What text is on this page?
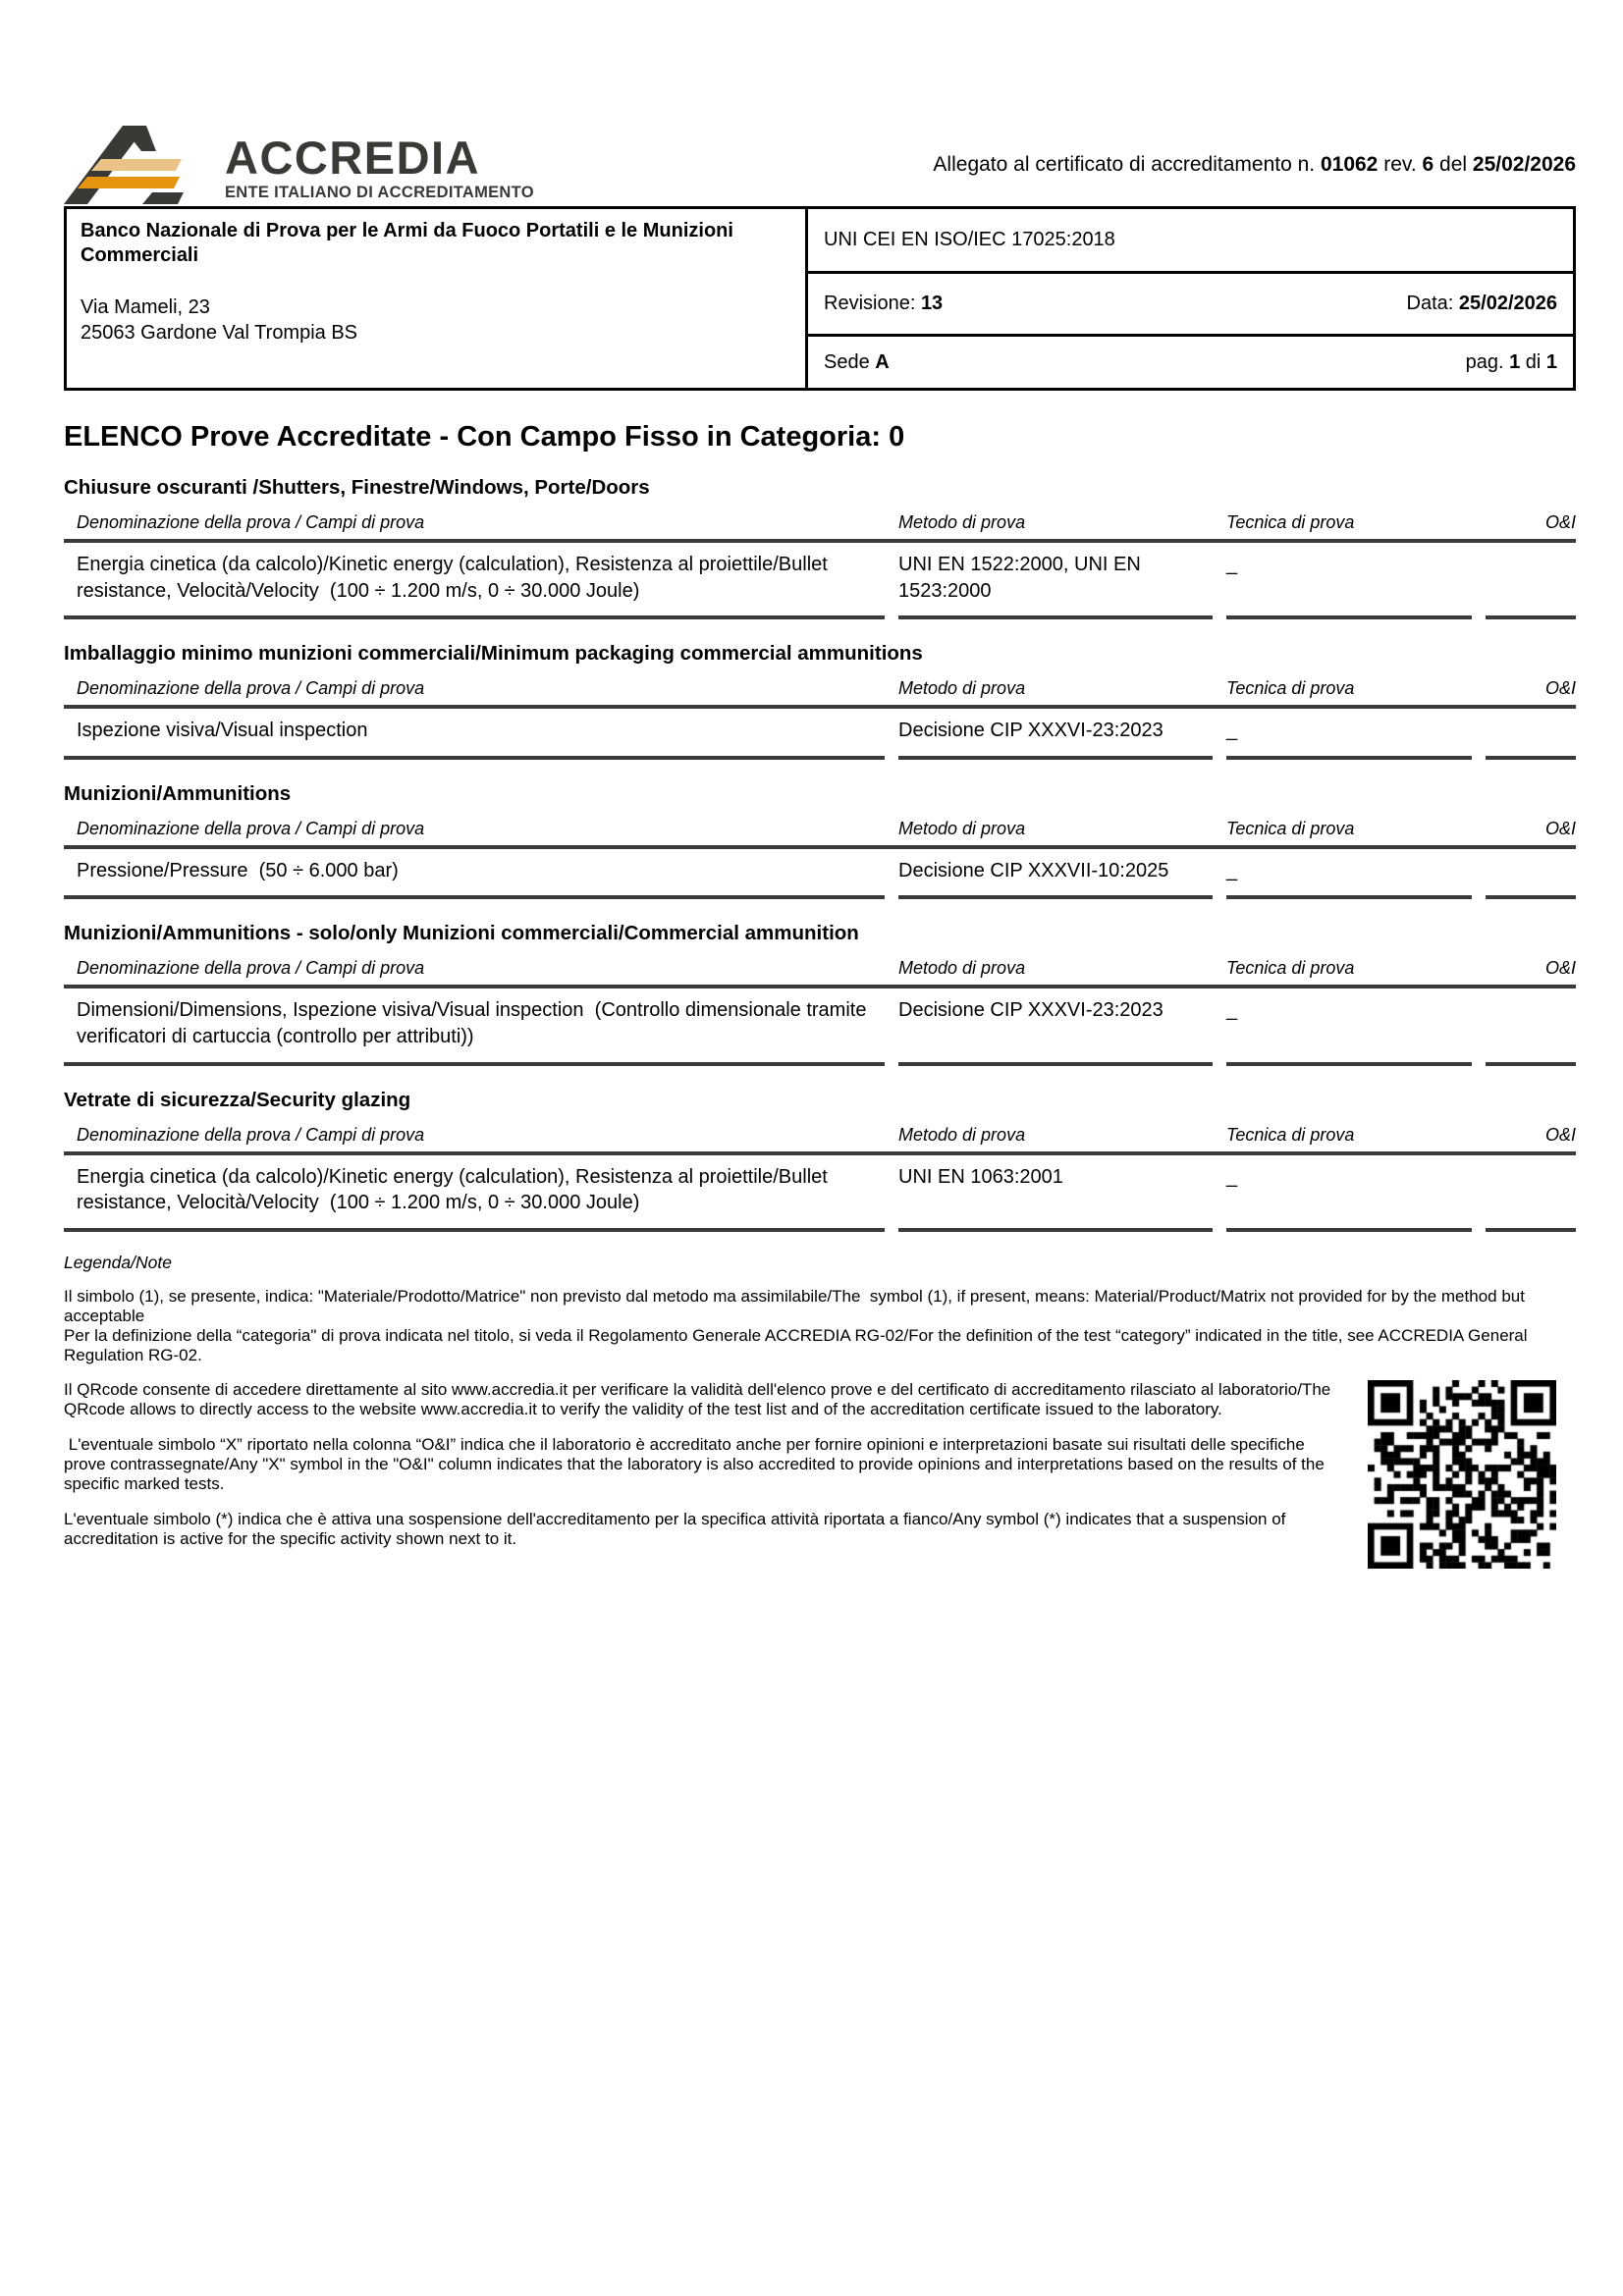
ACCREDIA
ENTE ITALIANO DI ACCREDITAMENTO
Allegato al certificato di accreditamento n. 01062 rev. 6 del 25/02/2026
Banco Nazionale di Prova per le Armi da Fuoco Portatili e le Munizioni Commerciali
Via Mameli, 23
25063 Gardone Val Trompia BS
UNI CEI EN ISO/IEC 17025:2018
Revisione: 13	Data: 25/02/2026
Sede A	pag. 1 di 1
ELENCO Prove Accreditate - Con Campo Fisso in Categoria: 0
Chiusure oscuranti /Shutters, Finestre/Windows, Porte/Doors
Denominazione della prova / Campi di prova	Metodo di prova	Tecnica di prova	O&I
Energia cinetica (da calcolo)/Kinetic energy (calculation), Resistenza al proiettile/Bullet resistance, Velocità/Velocity  (100 ÷ 1.200 m/s, 0 ÷ 30.000 Joule)
UNI EN 1522:2000, UNI EN 1523:2000
_
Imballaggio minimo munizioni commerciali/Minimum packaging commercial ammunitions
Denominazione della prova / Campi di prova	Metodo di prova	Tecnica di prova	O&I
Ispezione visiva/Visual inspection	Decisione CIP XXXVI-23:2023	_
Munizioni/Ammunitions
Denominazione della prova / Campi di prova	Metodo di prova	Tecnica di prova	O&I
Pressione/Pressure  (50 ÷ 6.000 bar)	Decisione CIP XXXVII-10:2025	_
Munizioni/Ammunitions - solo/only Munizioni commerciali/Commercial ammunition
Denominazione della prova / Campi di prova	Metodo di prova	Tecnica di prova	O&I
Dimensioni/Dimensions, Ispezione visiva/Visual inspection  (Controllo dimensionale tramite verificatori di cartuccia (controllo per attributi))
Decisione CIP XXXVI-23:2023	_
Vetrate di sicurezza/Security glazing
Denominazione della prova / Campi di prova	Metodo di prova	Tecnica di prova	O&I
Energia cinetica (da calcolo)/Kinetic energy (calculation), Resistenza al proiettile/Bullet resistance, Velocità/Velocity  (100 ÷ 1.200 m/s, 0 ÷ 30.000 Joule)
UNI EN 1063:2001	_
Legenda/Note

Il simbolo (1), se presente, indica: "Materiale/Prodotto/Matrice" non previsto dal metodo ma assimilabile/The  symbol (1), if present, means: Material/Product/Matrix not provided for by the method but acceptable

Per la definizione della “categoria" di prova indicata nel titolo, si veda il Regolamento Generale ACCREDIA RG-02/For the definition of the test “category” indicated in the title, see ACCREDIA General Regulation RG-02.

Il QRcode consente di accedere direttamente al sito www.accredia.it per verificare la validità dell'elenco prove e del certificato di accreditamento rilasciato al laboratorio/The QRcode allows to directly access to the website www.accredia.it to verify the validity of the test list and of the accreditation certificate issued to the laboratory.

L'eventuale simbolo “X” riportato nella colonna “O&I” indica che il laboratorio è accreditato anche per fornire opinioni e interpretazioni basate sui risultati delle specifiche prove contrassegnate/Any "X" symbol in the "O&I" column indicates that the laboratory is also accredited to provide opinions and interpretations based on the results of the specific marked tests.

L'eventuale simbolo (*) indica che è attiva una sospensione dell'accreditamento per la specifica attività riportata a fianco/Any symbol (*) indicates that a suspension of accreditation is active for the specific activity shown next to it.
